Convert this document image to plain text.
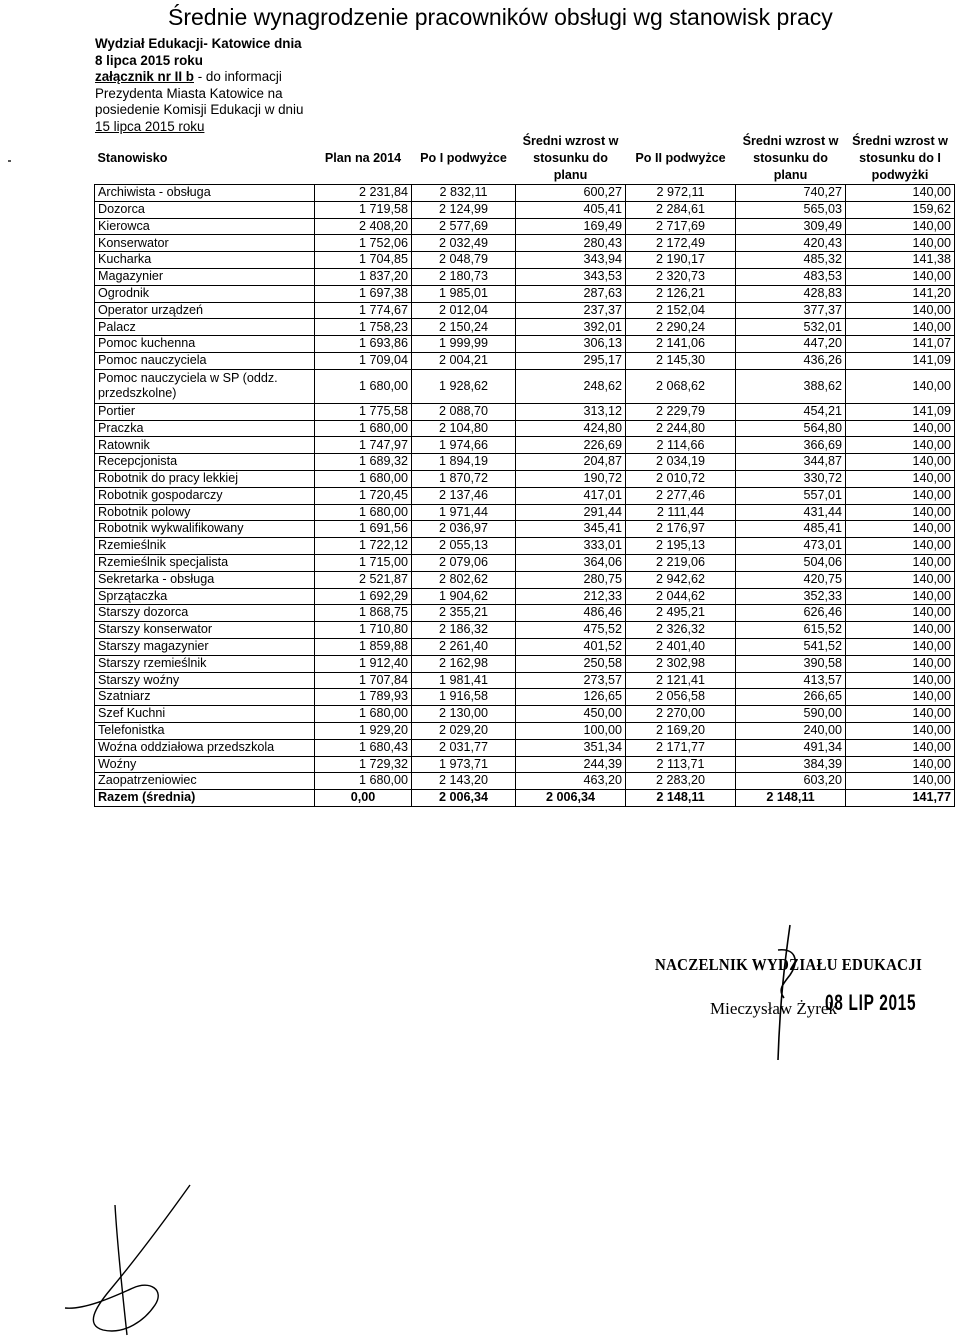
Średnie wynagrodzenie pracowników obsługi wg stanowisk pracy
Wydział Edukacji- Katowice dnia
8 lipca 2015 roku
załącznik nr II b - do informacji
Prezydenta Miasta Katowice na
posiedenie Komisji Edukacji w dniu
15 lipca 2015 roku
Stanowisko	Plan na 2014	Po I podwyżce	Średni wzrost w stosunku do planu	Po II podwyżce	Średni wzrost w stosunku do planu	Średni wzrost w stosunku do I podwyżki
Archiwista - obsługa	2 231,84	2 832,11	600,27	2 972,11	740,27	140,00
Dozorca	1 719,58	2 124,99	405,41	2 284,61	565,03	159,62
Kierowca	2 408,20	2 577,69	169,49	2 717,69	309,49	140,00
Konserwator	1 752,06	2 032,49	280,43	2 172,49	420,43	140,00
Kucharka	1 704,85	2 048,79	343,94	2 190,17	485,32	141,38
Magazynier	1 837,20	2 180,73	343,53	2 320,73	483,53	140,00
Ogrodnik	1 697,38	1 985,01	287,63	2 126,21	428,83	141,20
Operator urządzeń	1 774,67	2 012,04	237,37	2 152,04	377,37	140,00
Palacz	1 758,23	2 150,24	392,01	2 290,24	532,01	140,00
Pomoc kuchenna	1 693,86	1 999,99	306,13	2 141,06	447,20	141,07
Pomoc nauczyciela	1 709,04	2 004,21	295,17	2 145,30	436,26	141,09
Pomoc nauczyciela w SP (oddz. przedszkolne)	1 680,00	1 928,62	248,62	2 068,62	388,62	140,00
Portier	1 775,58	2 088,70	313,12	2 229,79	454,21	141,09
Praczka	1 680,00	2 104,80	424,80	2 244,80	564,80	140,00
Ratownik	1 747,97	1 974,66	226,69	2 114,66	366,69	140,00
Recepcjonista	1 689,32	1 894,19	204,87	2 034,19	344,87	140,00
Robotnik do pracy lekkiej	1 680,00	1 870,72	190,72	2 010,72	330,72	140,00
Robotnik gospodarczy	1 720,45	2 137,46	417,01	2 277,46	557,01	140,00
Robotnik polowy	1 680,00	1 971,44	291,44	2 111,44	431,44	140,00
Robotnik wykwalifikowany	1 691,56	2 036,97	345,41	2 176,97	485,41	140,00
Rzemieślnik	1 722,12	2 055,13	333,01	2 195,13	473,01	140,00
Rzemieślnik specjalista	1 715,00	2 079,06	364,06	2 219,06	504,06	140,00
Sekretarka - obsługa	2 521,87	2 802,62	280,75	2 942,62	420,75	140,00
Sprzątaczka	1 692,29	1 904,62	212,33	2 044,62	352,33	140,00
Starszy dozorca	1 868,75	2 355,21	486,46	2 495,21	626,46	140,00
Starszy konserwator	1 710,80	2 186,32	475,52	2 326,32	615,52	140,00
Starszy magazynier	1 859,88	2 261,40	401,52	2 401,40	541,52	140,00
Starszy rzemieślnik	1 912,40	2 162,98	250,58	2 302,98	390,58	140,00
Starszy woźny	1 707,84	1 981,41	273,57	2 121,41	413,57	140,00
Szatniarz	1 789,93	1 916,58	126,65	2 056,58	266,65	140,00
Szef Kuchni	1 680,00	2 130,00	450,00	2 270,00	590,00	140,00
Telefonistka	1 929,20	2 029,20	100,00	2 169,20	240,00	140,00
Woźna oddziałowa przedszkola	1 680,43	2 031,77	351,34	2 171,77	491,34	140,00
Woźny	1 729,32	1 973,71	244,39	2 113,71	384,39	140,00
Zaopatrzeniowiec	1 680,00	2 143,20	463,20	2 283,20	603,20	140,00
Razem (średnia)	0,00	2 006,34	2 006,34	2 148,11	2 148,11	141,77
NACZELNIK WYDZIAŁU EDUKACJI
Mieczysław Żyrek
08 LIP 2015
